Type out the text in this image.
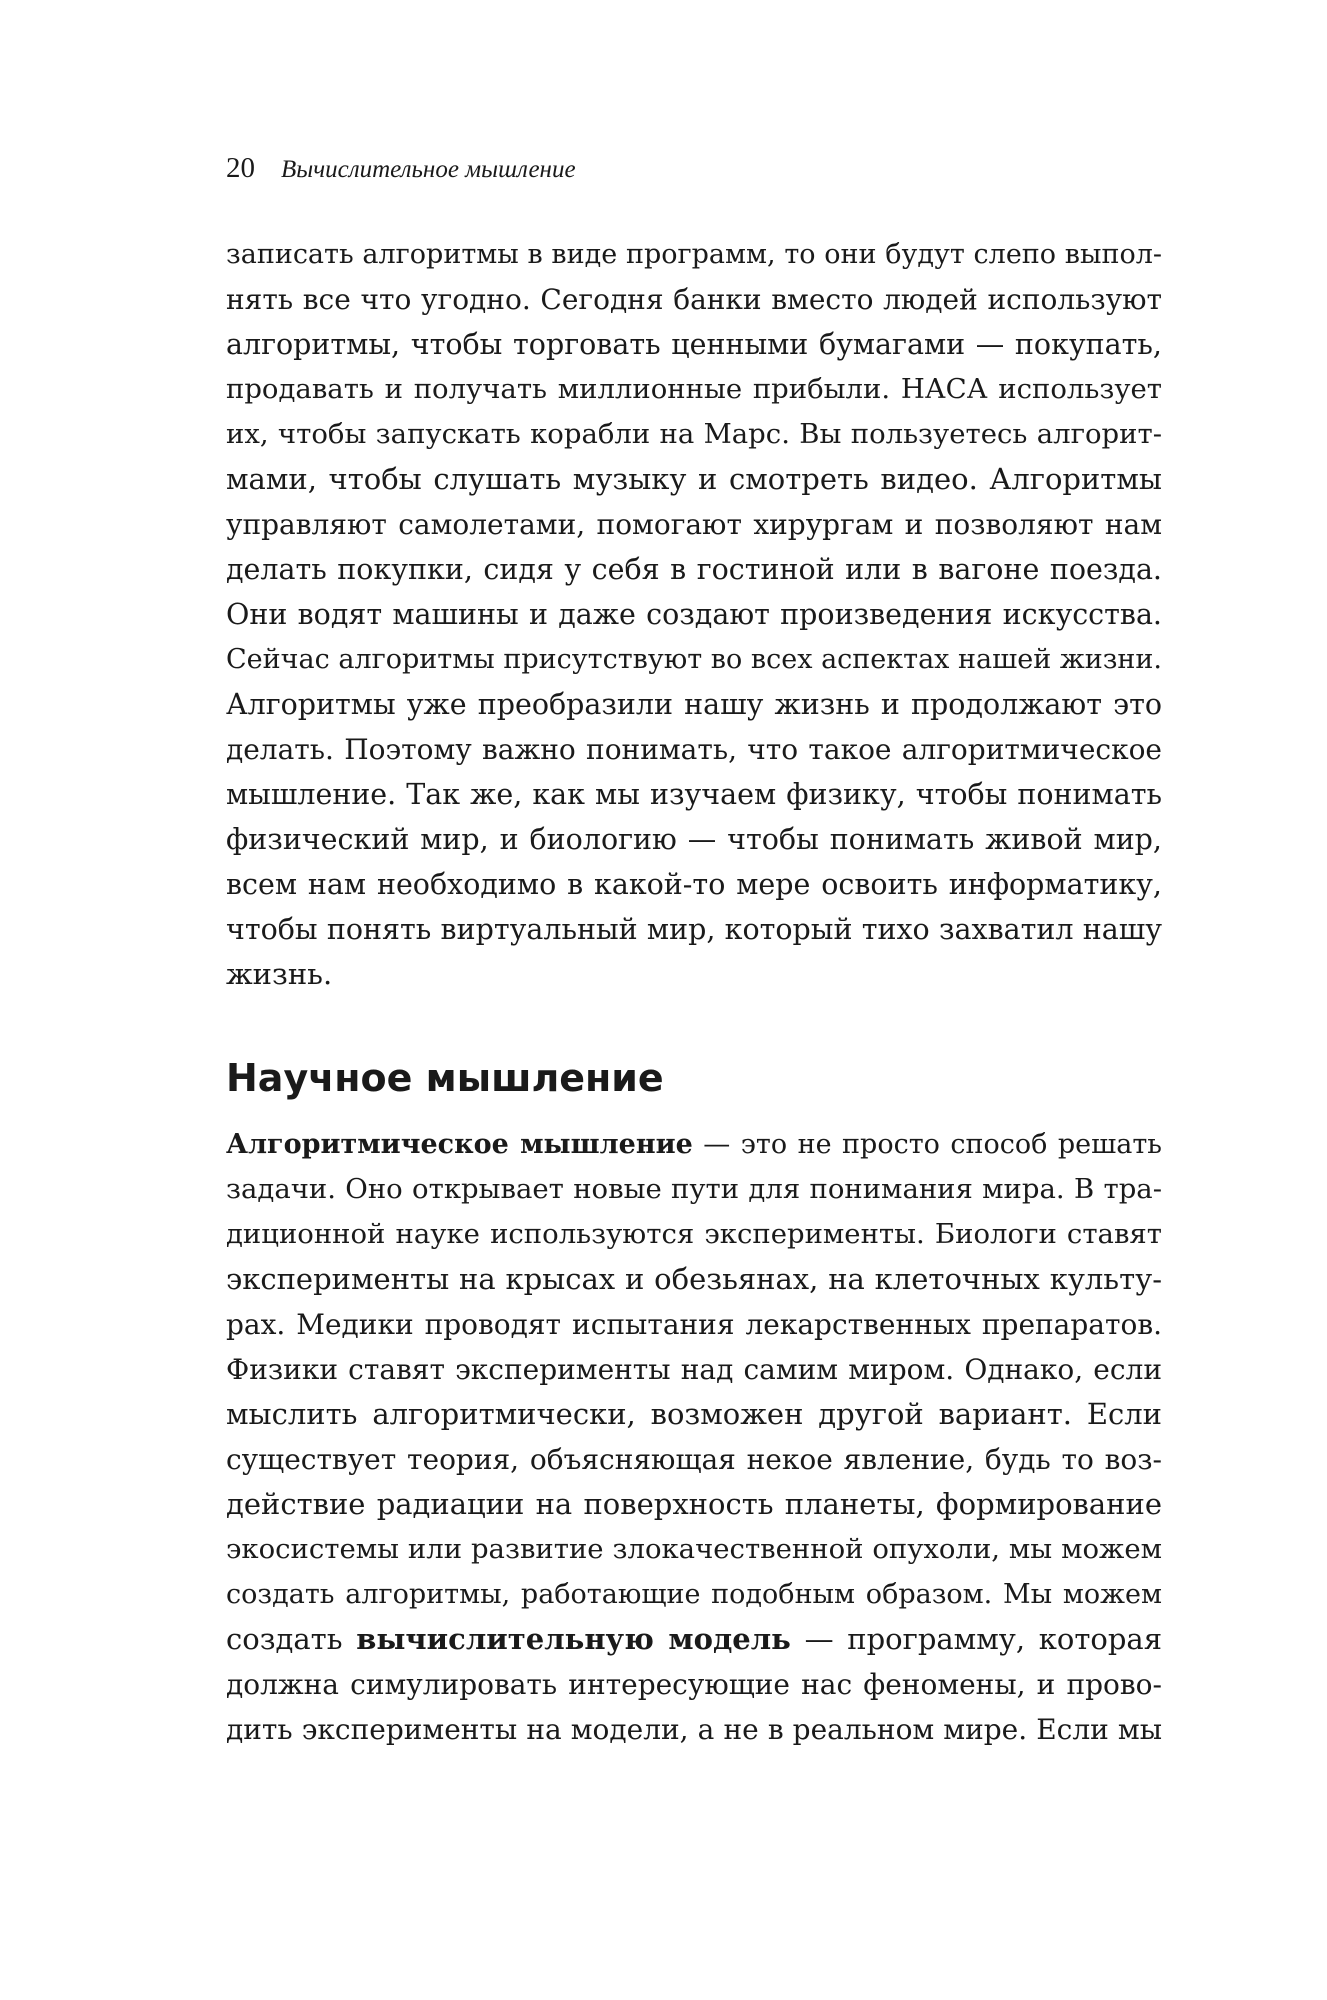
20 Вычислительное мышление
записать алгоритмы в виде программ, то они будут слепо выпол-
нять все что угодно. Сегодня банки вместо людей используют
алгоритмы, чтобы торговать ценными бумагами — покупать,
продавать и получать миллионные прибыли. НАСА использует
их, чтобы запускать корабли на Марс. Вы пользуетесь алгорит-
мами, чтобы слушать музыку и смотреть видео. Алгоритмы
управляют самолетами, помогают хирургам и позволяют нам
делать покупки, сидя у себя в гостиной или в вагоне поезда.
Они водят машины и даже создают произведения искусства.
Сейчас алгоритмы присутствуют во всех аспектах нашей жизни.
Алгоритмы уже преобразили нашу жизнь и продолжают это
делать. Поэтому важно понимать, что такое алгоритмическое
мышление. Так же, как мы изучаем физику, чтобы понимать
физический мир, и биологию — чтобы понимать живой мир,
всем нам необходимо в какой-то мере освоить информатику,
чтобы понять виртуальный мир, который тихо захватил нашу
жизнь.
Научное мышление
Алгоритмическое мышление — это не просто способ решать
задачи. Оно открывает новые пути для понимания мира. В тра-
диционной науке используются эксперименты. Биологи ставят
эксперименты на крысах и обезьянах, на клеточных культу-
рах. Медики проводят испытания лекарственных препаратов.
Физики ставят эксперименты над самим миром. Однако, если
мыслить алгоритмически, возможен другой вариант. Если
существует теория, объясняющая некое явление, будь то воз-
действие радиации на поверхность планеты, формирование
экосистемы или развитие злокачественной опухоли, мы можем
создать алгоритмы, работающие подобным образом. Мы можем
создать вычислительную модель — программу, которая
должна симулировать интересующие нас феномены, и прово-
дить эксперименты на модели, а не в реальном мире. Если мы
